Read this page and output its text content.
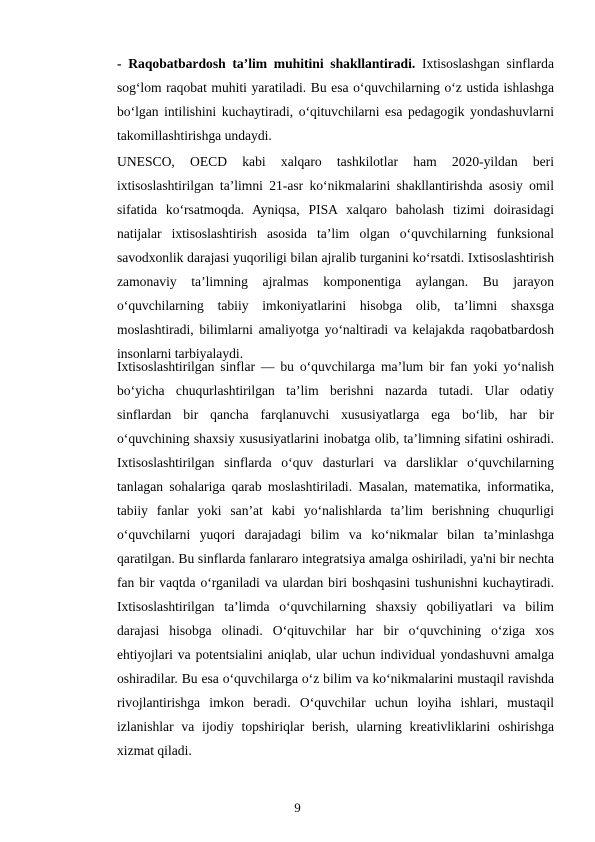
- Raqobatbardosh ta’lim muhitini shakllantiradi. Ixtisoslashgan sinflarda sog‘lom raqobat muhiti yaratiladi. Bu esa o‘quvchilarning o‘z ustida ishlashga bo‘lgan intilishini kuchaytiradi, o‘qituvchilarni esa pedagogik yondashuvlarni takomillashtirishga undaydi.

UNESCO, OECD kabi xalqaro tashkilotlar ham 2020-yildan beri ixtisoslashtirilgan ta’limni 21-asr ko‘nikmalarini shakllantirishda asosiy omil sifatida ko‘rsatmoqda. Ayniqsa, PISA xalqaro baholash tizimi doirasidagi natijalar ixtisoslashtirish asosida ta’lim olgan o‘quvchilarning funksional savodxonlik darajasi yuqoriligi bilan ajralib turganini ko‘rsatdi. Ixtisoslashtirish zamonaviy ta’limning ajralmas komponentiga aylangan. Bu jarayon o‘quvchilarning tabiiy imkoniyatlarini hisobga olib, ta’limni shaxsga moslashtiradi, bilimlarni amaliyotga yo‘naltiradi va kelajakda raqobatbardosh insonlarni tarbiyalaydi.

Ixtisoslashtirilgan sinflar — bu o‘quvchilarga ma’lum bir fan yoki yo‘nalish bo‘yicha chuqurlashtirilgan ta’lim berishni nazarda tutadi. Ular odatiy sinflardan bir qancha farqlanuvchi xususiyatlarga ega bo‘lib, har bir o‘quvchining shaxsiy xususiyatlarini inobatga olib, ta’limning sifatini oshiradi. Ixtisoslashtirilgan sinflarda o‘quv dasturlari va darsliklar o‘quvchilarning tanlagan sohalariga qarab moslashtiriladi. Masalan, matematika, informatika, tabiiy fanlar yoki san’at kabi yo‘nalishlarda ta’lim berishning chuqurligi o‘quvchilarni yuqori darajadagi bilim va ko‘nikmalar bilan ta’minlashga qaratilgan. Bu sinflarda fanlararo integratsiya amalga oshiriladi, ya'ni bir nechta fan bir vaqtda o‘rganiladi va ulardan biri boshqasini tushunishni kuchaytiradi. Ixtisoslashtirilgan ta’limda o‘quvchilarning shaxsiy qobiliyatlari va bilim darajasi hisobga olinadi. O‘qituvchilar har bir o‘quvchining o‘ziga xos ehtiyojlari va potentsialini aniqlab, ular uchun individual yondashuvni amalga oshiradilar. Bu esa o‘quvchilarga o‘z bilim va ko‘nikmalarini mustaqil ravishda rivojlantirishga imkon beradi. O‘quvchilar uchun loyiha ishlari, mustaqil izlanishlar va ijodiy topshiriqlar berish, ularning kreativliklarini oshirishga xizmat qiladi.

9
